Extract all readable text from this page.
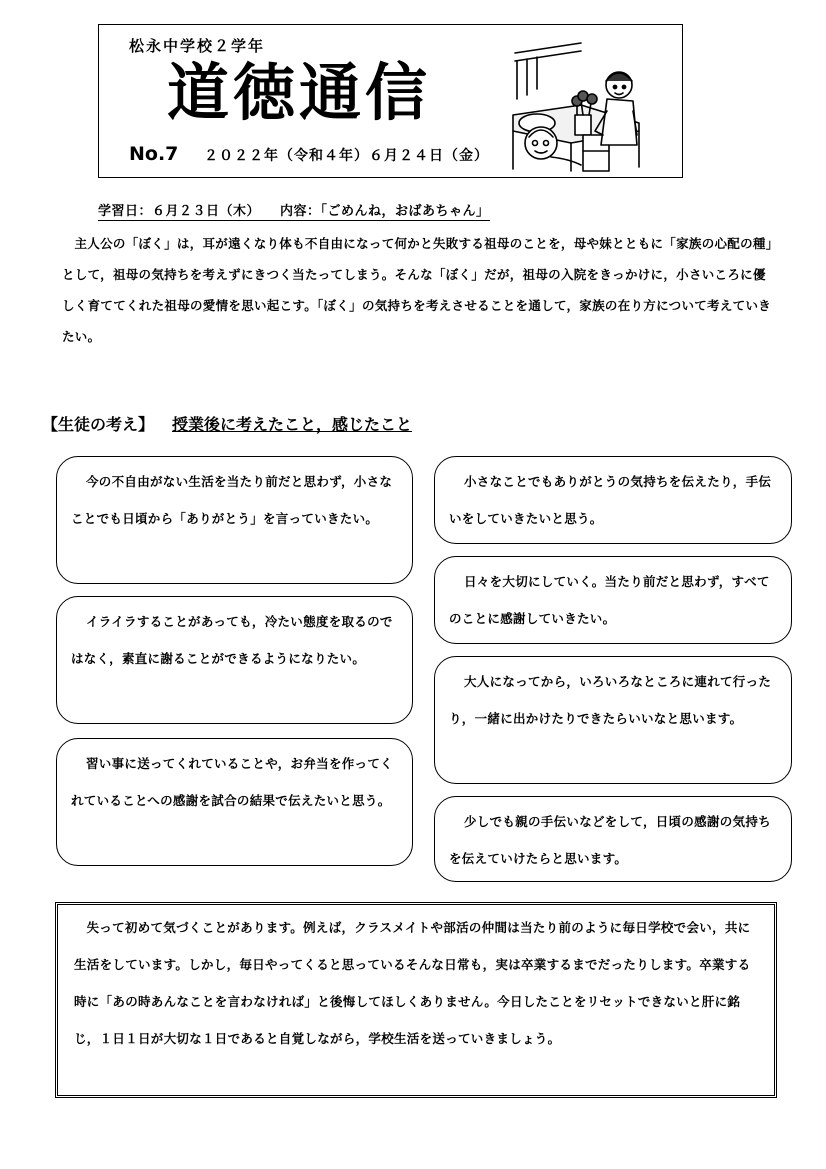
松永中学校２学年
道徳通信
No.7 ２０２２年（令和４年）６月２４日（金）
学習日：６月２３日（木） 内容：「ごめんね，おばあちゃん」

主人公の「ぼく」は，耳が遠くなり体も不自由になって何かと失敗する祖母のことを，母や妹とともに「家族の心配の種」として，祖母の気持ちを考えずにきつく当たってしまう。そんな「ぼく」だが，祖母の入院をきっかけに，小さいころに優しく育ててくれた祖母の愛情を思い起こす。「ぼく」の気持ちを考えさせることを通して，家族の在り方について考えていきたい。

【生徒の考え】 授業後に考えたこと，感じたこと
今の不自由がない生活を当たり前だと思わず，小さなことでも日頃から「ありがとう」を言っていきたい。
イライラすることがあっても，冷たい態度を取るのではなく，素直に謝ることができるようになりたい。
習い事に送ってくれていることや，お弁当を作ってくれていることへの感謝を試合の結果で伝えたいと思う。
小さなことでもありがとうの気持ちを伝えたり，手伝いをしていきたいと思う。
日々を大切にしていく。当たり前だと思わず，すべてのことに感謝していきたい。
大人になってから，いろいろなところに連れて行ったり，一緒に出かけたりできたらいいなと思います。
少しでも親の手伝いなどをして，日頃の感謝の気持ちを伝えていけたらと思います。

失って初めて気づくことがあります。例えば，クラスメイトや部活の仲間は当たり前のように毎日学校で会い，共に生活をしています。しかし，毎日やってくると思っているそんな日常も，実は卒業するまでだったりします。卒業する時に「あの時あんなことを言わなければ」と後悔してほしくありません。今日したことをリセットできないと肝に銘じ，１日１日が大切な１日であると自覚しながら，学校生活を送っていきましょう。
